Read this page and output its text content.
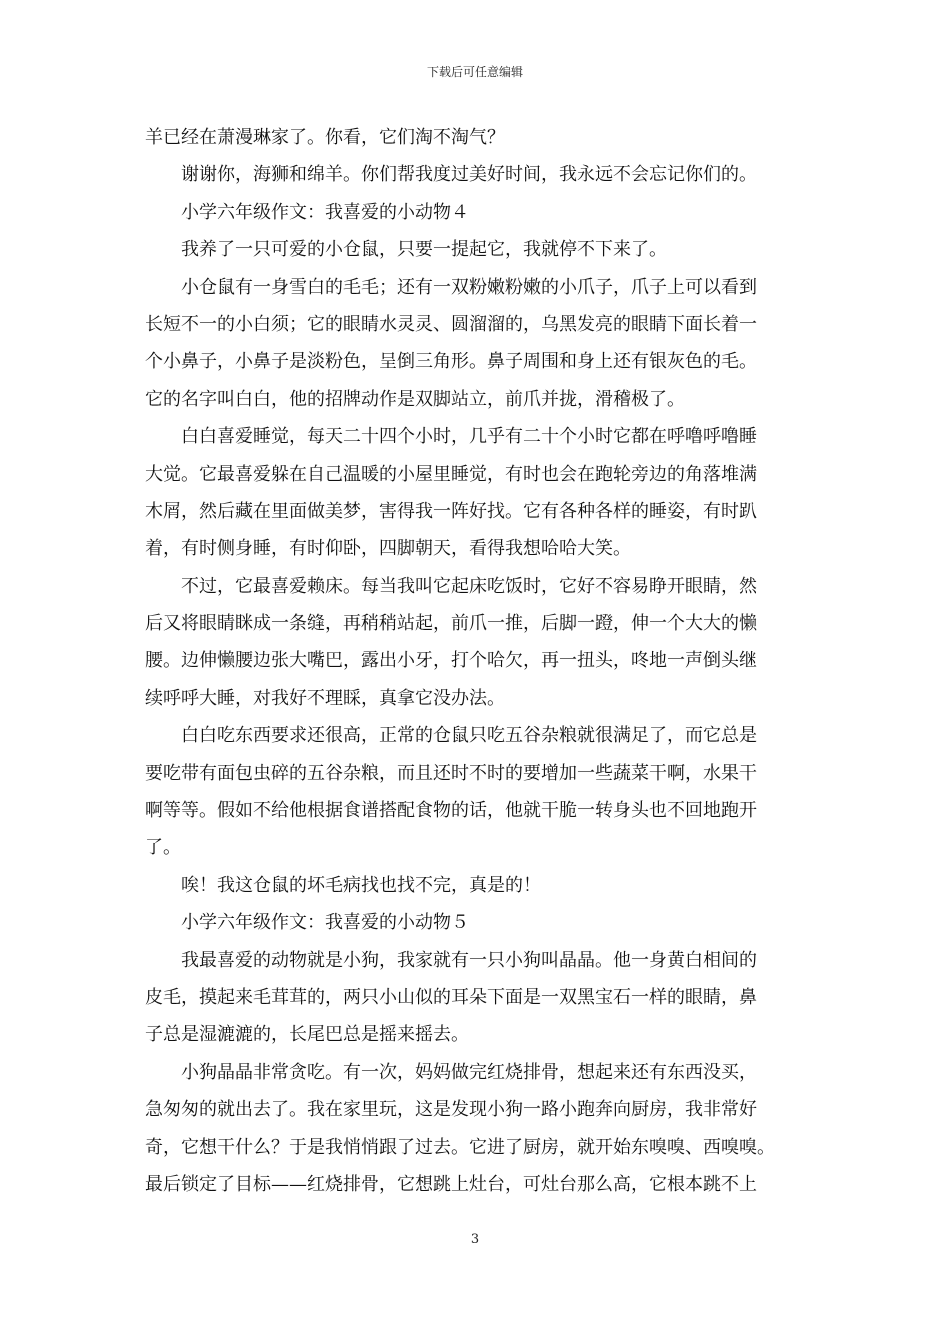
下载后可任意编辑
羊已经在萧漫琳家了。你看，它们淘不淘气？
谢谢你，海狮和绵羊。你们帮我度过美好时间，我永远不会忘记你们的。
小学六年级作文：我喜爱的小动物４
我养了一只可爱的小仓鼠，只要一提起它，我就停不下来了。
小仓鼠有一身雪白的毛毛；还有一双粉嫩粉嫩的小爪子，爪子上可以看到
长短不一的小白须；它的眼睛水灵灵、圆溜溜的，乌黑发亮的眼睛下面长着一
个小鼻子，小鼻子是淡粉色，呈倒三角形。鼻子周围和身上还有银灰色的毛。
它的名字叫白白，他的招牌动作是双脚站立，前爪并拢，滑稽极了。
白白喜爱睡觉，每天二十四个小时，几乎有二十个小时它都在呼噜呼噜睡
大觉。它最喜爱躲在自己温暖的小屋里睡觉，有时也会在跑轮旁边的角落堆满
木屑，然后藏在里面做美梦，害得我一阵好找。它有各种各样的睡姿，有时趴
着，有时侧身睡，有时仰卧，四脚朝天，看得我想哈哈大笑。
不过，它最喜爱赖床。每当我叫它起床吃饭时，它好不容易睁开眼睛，然
后又将眼睛眯成一条缝，再稍稍站起，前爪一推，后脚一蹬，伸一个大大的懒
腰。边伸懒腰边张大嘴巴，露出小牙，打个哈欠，再一扭头，咚地一声倒头继
续呼呼大睡，对我好不理睬，真拿它没办法。
白白吃东西要求还很高，正常的仓鼠只吃五谷杂粮就很满足了，而它总是
要吃带有面包虫碎的五谷杂粮，而且还时不时的要增加一些蔬菜干啊，水果干
啊等等。假如不给他根据食谱搭配食物的话，他就干脆一转身头也不回地跑开
了。
唉！我这仓鼠的坏毛病找也找不完，真是的！
小学六年级作文：我喜爱的小动物５
我最喜爱的动物就是小狗，我家就有一只小狗叫晶晶。他一身黄白相间的
皮毛，摸起来毛茸茸的，两只小山似的耳朵下面是一双黑宝石一样的眼睛，鼻
子总是湿漉漉的，长尾巴总是摇来摇去。
小狗晶晶非常贪吃。有一次，妈妈做完红烧排骨，想起来还有东西没买，
急匆匆的就出去了。我在家里玩，这是发现小狗一路小跑奔向厨房，我非常好
奇，它想干什么？于是我悄悄跟了过去。它进了厨房，就开始东嗅嗅、西嗅嗅。
最后锁定了目标——红烧排骨，它想跳上灶台，可灶台那么高，它根本跳不上
3
